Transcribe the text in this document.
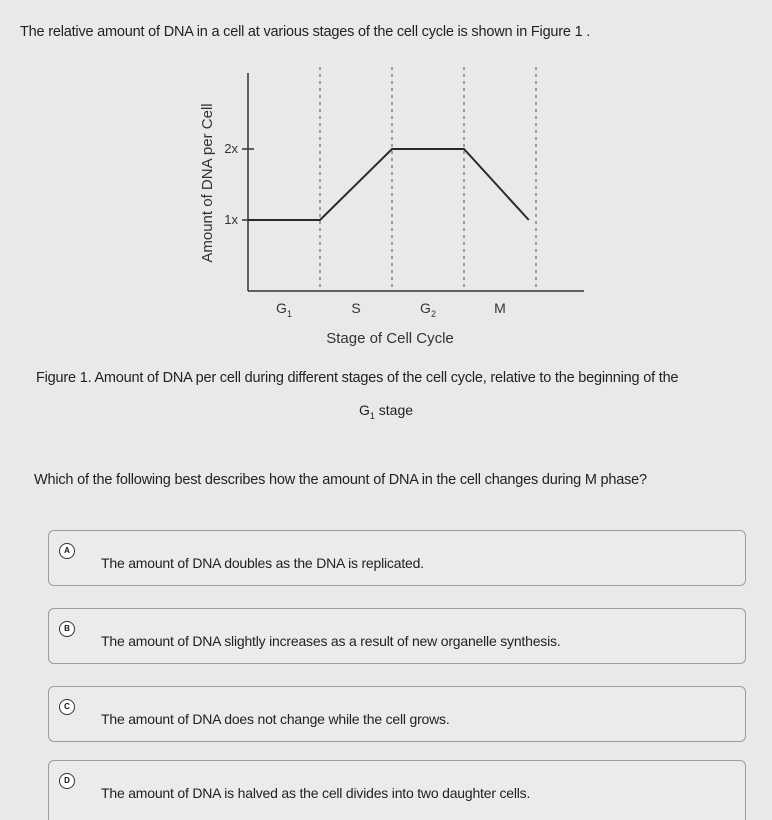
The relative amount of DNA in a cell at various stages of the cell cycle is shown in Figure 1 .
1x
2x
$G_1$	S	$G_2$	M
Stage of Cell Cycle
Amount of DNA per Cell
Figure 1. Amount of DNA per cell during different stages of the cell cycle, relative to the beginning of the
$G_1$ stage
Which of the following best describes how the amount of DNA in the cell changes during M phase?
A
The amount of DNA doubles as the DNA is replicated.
B
The amount of DNA slightly increases as a result of new organelle synthesis.
C
The amount of DNA does not change while the cell grows.
D
The amount of DNA is halved as the cell divides into two daughter cells.
